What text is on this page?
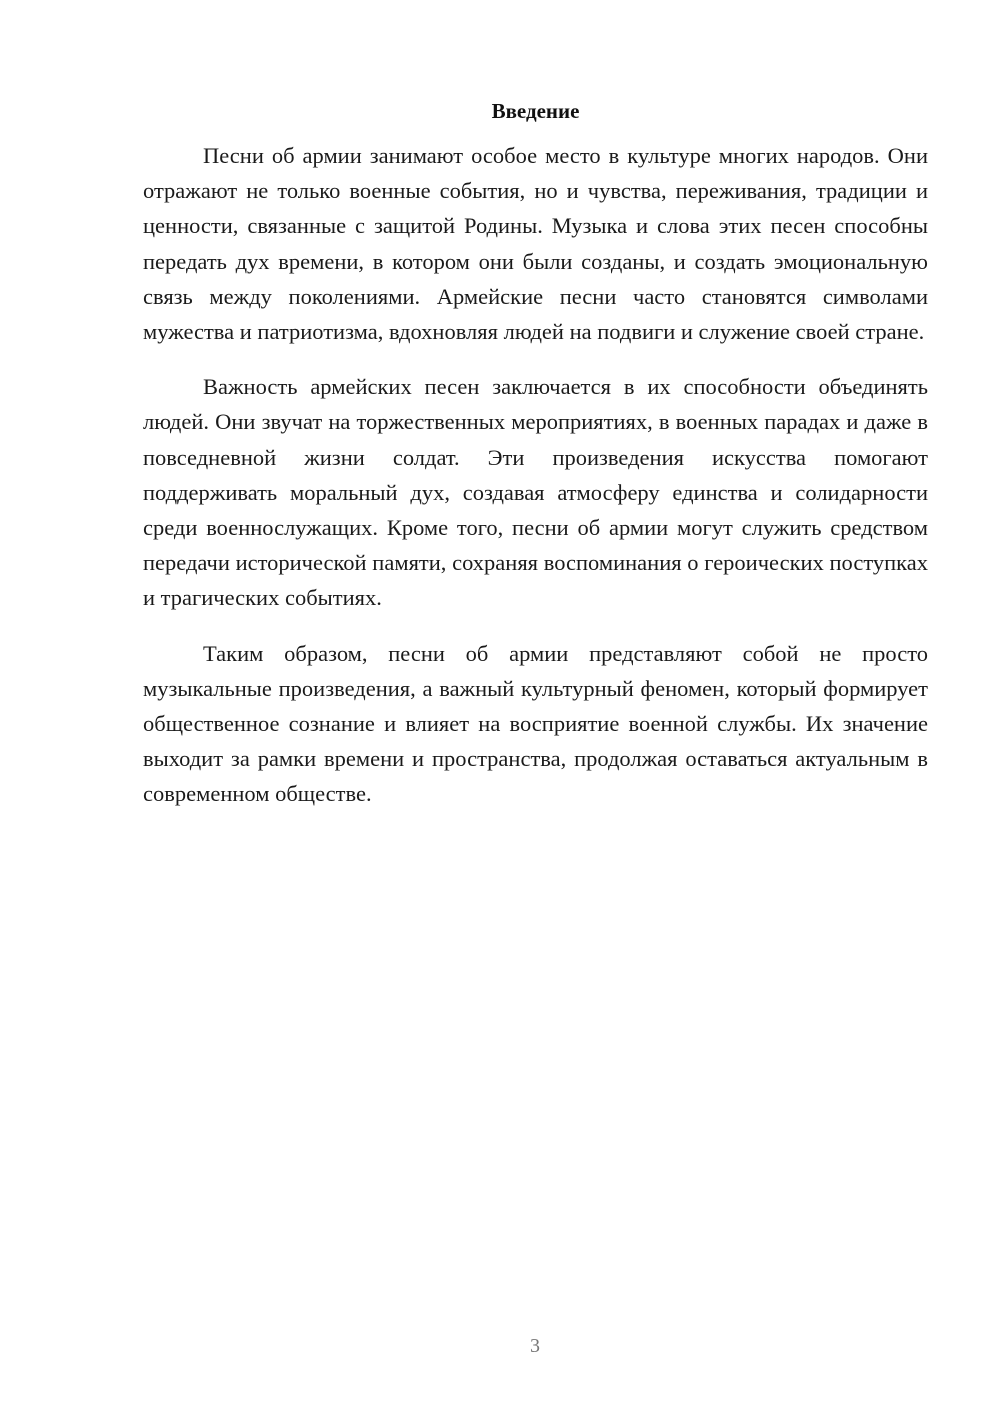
Введение

Песни об армии занимают особое место в культуре многих народов. Они отражают не только военные события, но и чувства, переживания, традиции и ценности, связанные с защитой Родины. Музыка и слова этих песен способны передать дух времени, в котором они были созданы, и создать эмоциональную связь между поколениями. Армейские песни часто становятся символами мужества и патриотизма, вдохновляя людей на подвиги и служение своей стране.

Важность армейских песен заключается в их способности объединять людей. Они звучат на торжественных мероприятиях, в военных парадах и даже в повседневной жизни солдат. Эти произведения искусства помогают поддерживать моральный дух, создавая атмосферу единства и солидарности среди военнослужащих. Кроме того, песни об армии могут служить средством передачи исторической памяти, сохраняя воспоминания о героических поступках и трагических событиях.

Таким образом, песни об армии представляют собой не просто музыкальные произведения, а важный культурный феномен, который формирует общественное сознание и влияет на восприятие военной службы. Их значение выходит за рамки времени и пространства, продолжая оставаться актуальным в современном обществе.

3
